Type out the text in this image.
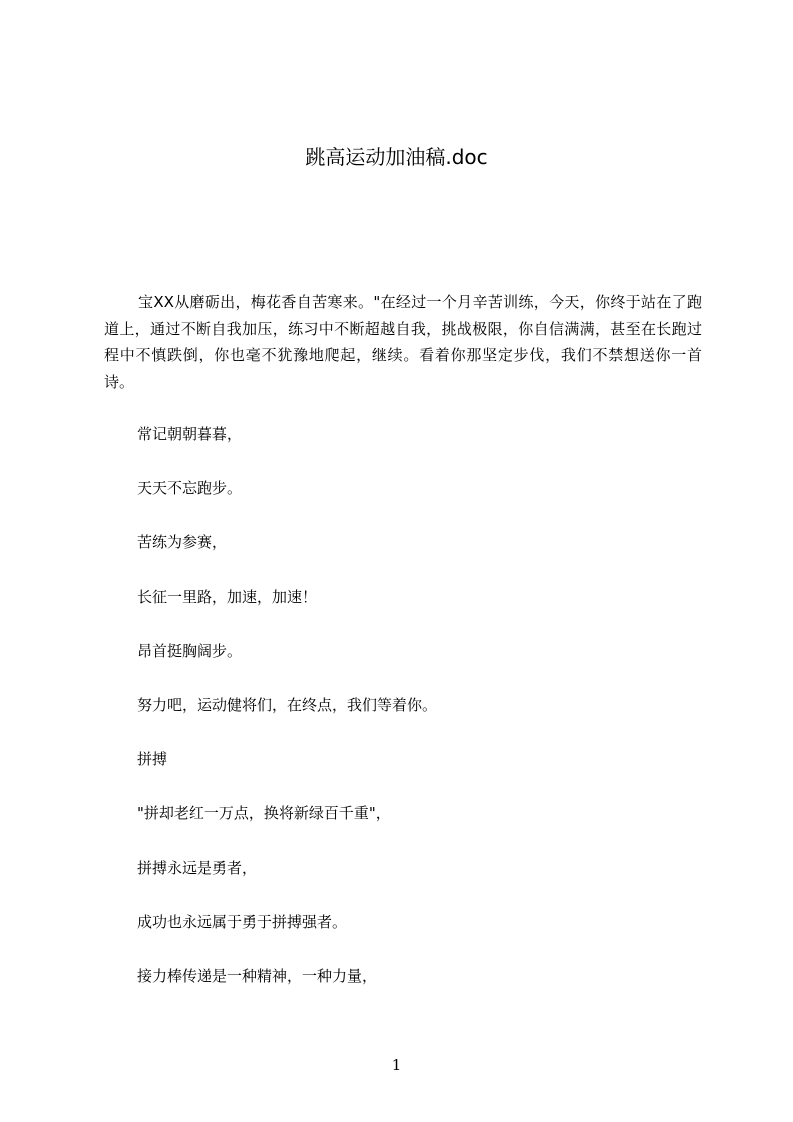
跳高运动加油稿.doc

宝XX从磨砺出，梅花香自苦寒来。"在经过一个月辛苦训练，今天，你终于站在了跑道上，通过不断自我加压，练习中不断超越自我，挑战极限，你自信满满，甚至在长跑过程中不慎跌倒，你也毫不犹豫地爬起，继续。看着你那坚定步伐，我们不禁想送你一首诗。

常记朝朝暮暮，
天天不忘跑步。
苦练为参赛，
长征一里路，加速，加速！
昂首挺胸阔步。
努力吧，运动健将们，在终点，我们等着你。
拼搏
"拼却老红一万点，换将新绿百千重"，
拼搏永远是勇者，
成功也永远属于勇于拼搏强者。
接力棒传递是一种精神，一种力量，
1
